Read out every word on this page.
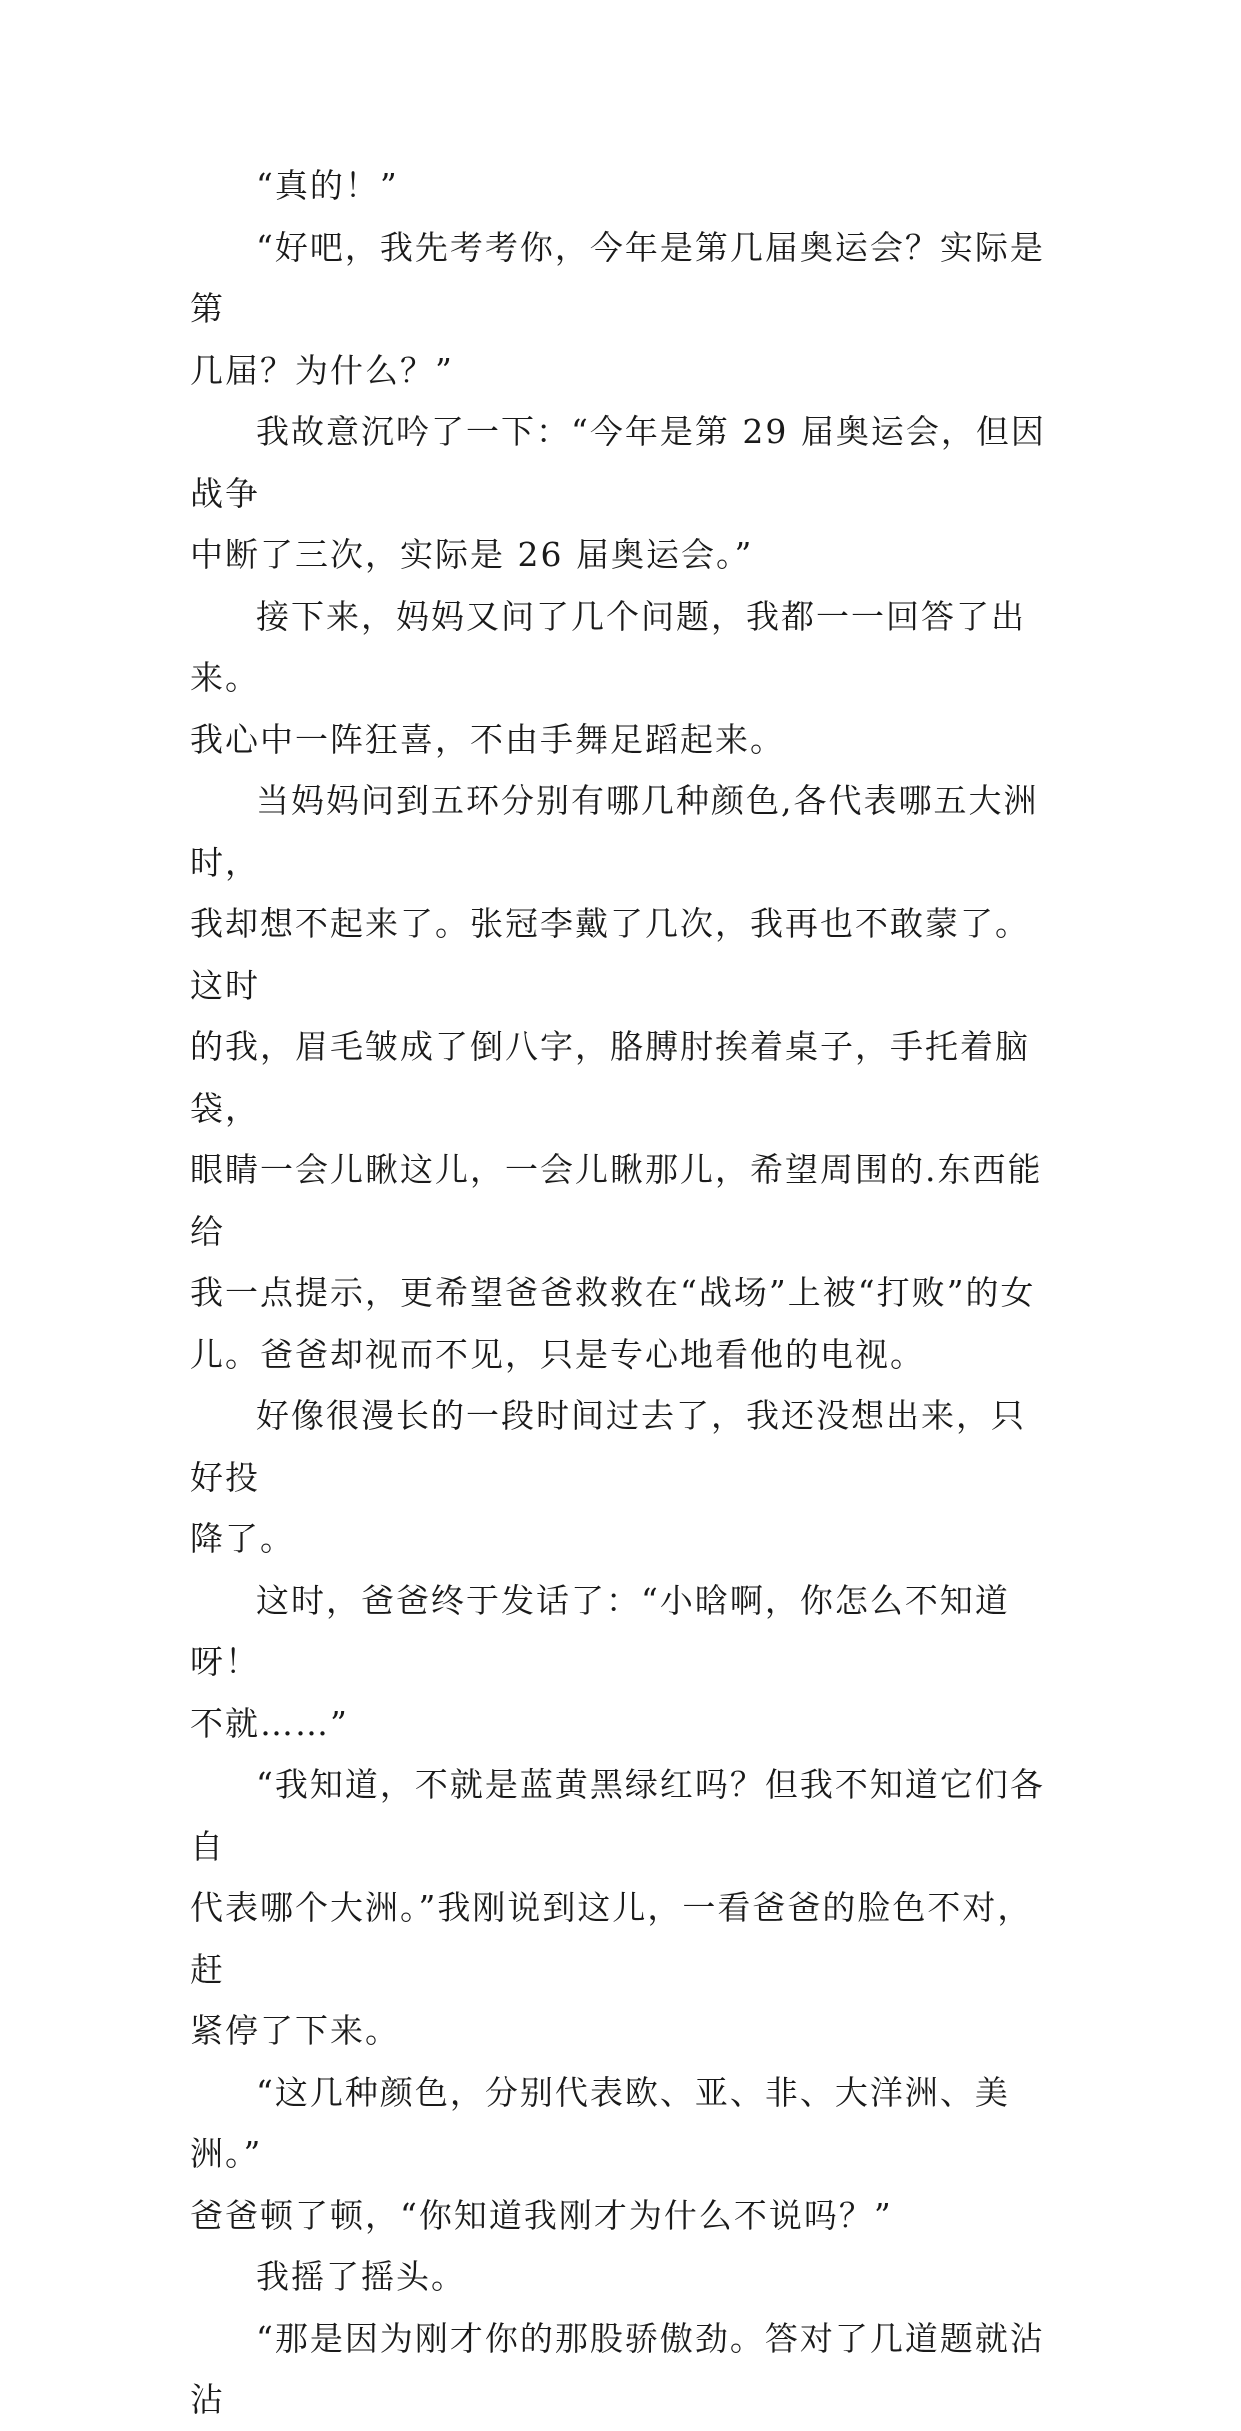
“真的！”

“好吧，我先考考你，今年是第几届奥运会？实际是第
几届？为什么？”

我故意沉吟了一下：“今年是第 29 届奥运会，但因战争
中断了三次，实际是 26 届奥运会。”

接下来，妈妈又问了几个问题，我都一一回答了出来。
我心中一阵狂喜，不由手舞足蹈起来。

当妈妈问到五环分别有哪几种颜色,各代表哪五大洲时，
我却想不起来了。张冠李戴了几次，我再也不敢蒙了。这时
的我，眉毛皱成了倒八字，胳膊肘挨着桌子，手托着脑袋，
眼睛一会儿瞅这儿，一会儿瞅那儿，希望周围的.东西能给
我一点提示，更希望爸爸救救在“战场”上被“打败”的女
儿。爸爸却视而不见，只是专心地看他的电视。

好像很漫长的一段时间过去了，我还没想出来，只好投
降了。

这时，爸爸终于发话了：“小晗啊，你怎么不知道呀！
不就……”

“我知道，不就是蓝黄黑绿红吗？但我不知道它们各自
代表哪个大洲。”我刚说到这儿，一看爸爸的脸色不对，赶
紧停了下来。

“这几种颜色，分别代表欧、亚、非、大洋洲、美洲。”
爸爸顿了顿，“你知道我刚才为什么不说吗？”

我摇了摇头。

“那是因为刚才你的那股骄傲劲。答对了几道题就沾沾
